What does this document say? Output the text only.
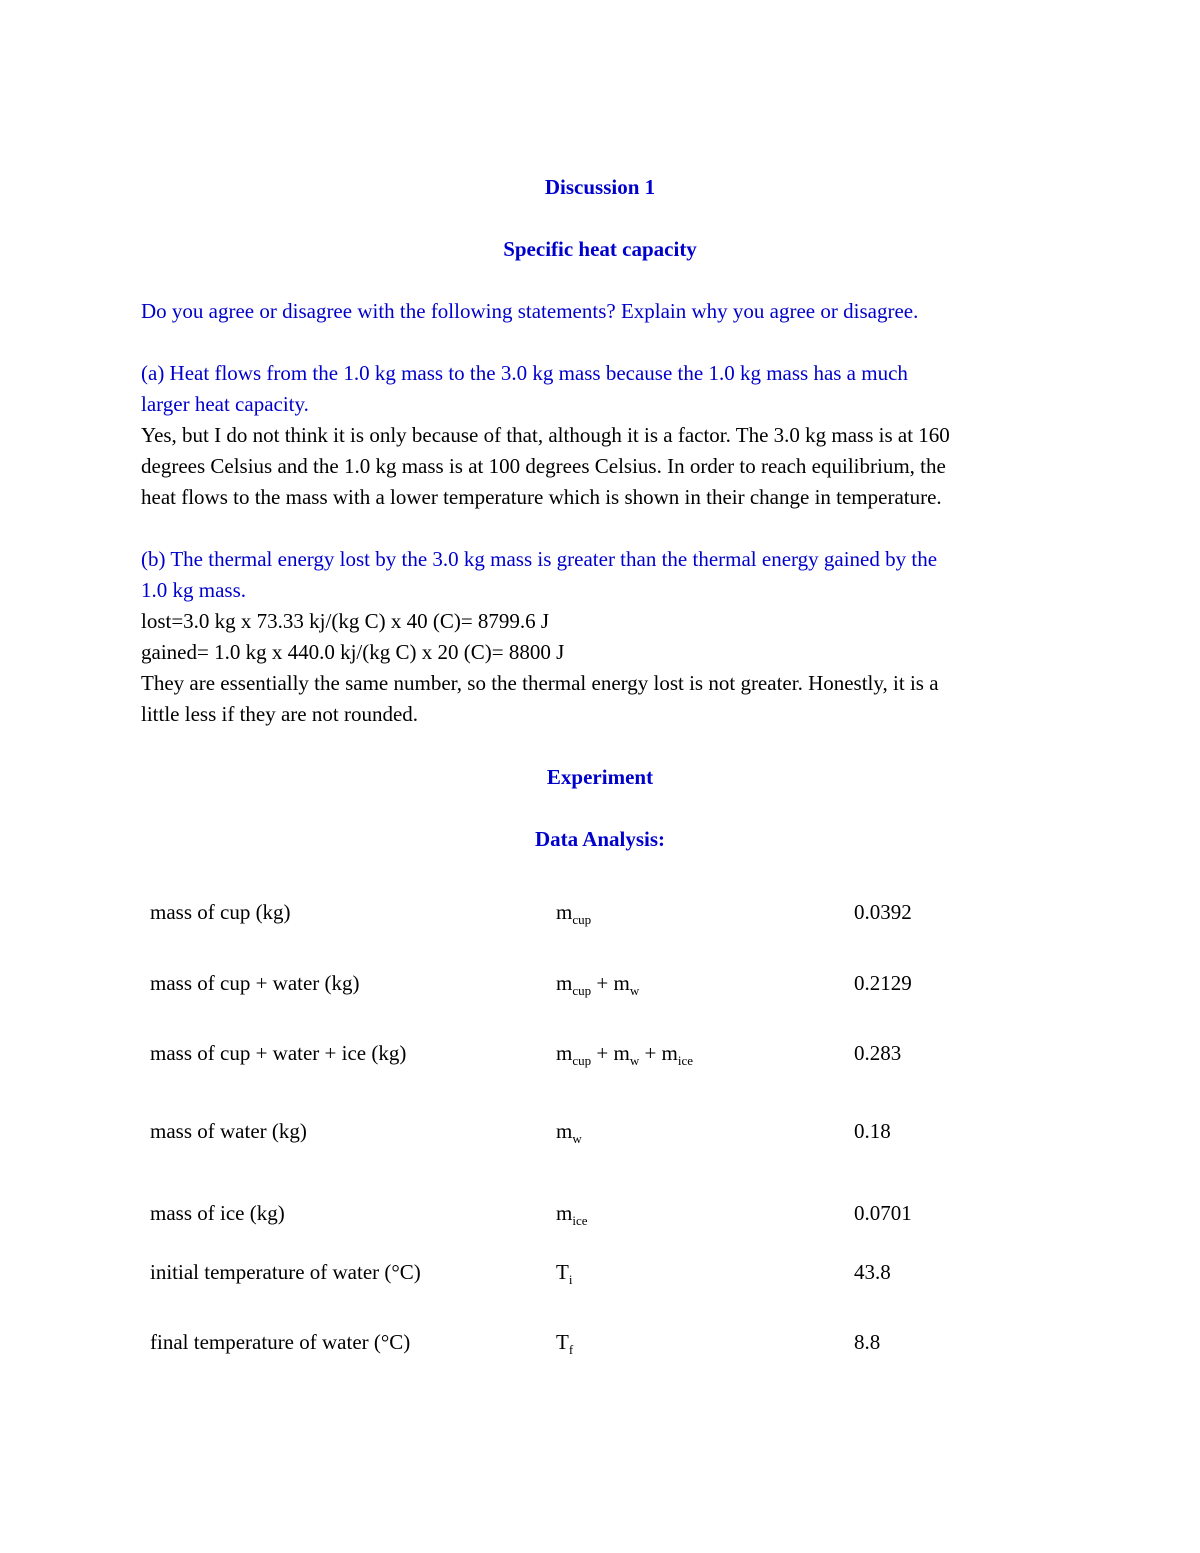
Discussion 1
Specific heat capacity
Do you agree or disagree with the following statements? Explain why you agree or disagree.
(a) Heat flows from the 1.0 kg mass to the 3.0 kg mass because the 1.0 kg mass has a much
larger heat capacity.
Yes, but I do not think it is only because of that, although it is a factor. The 3.0 kg mass is at 160
degrees Celsius and the 1.0 kg mass is at 100 degrees Celsius. In order to reach equilibrium, the
heat flows to the mass with a lower temperature which is shown in their change in temperature.
(b) The thermal energy lost by the 3.0 kg mass is greater than the thermal energy gained by the
1.0 kg mass.
lost=3.0 kg x 73.33 kj/(kg C) x 40 (C)= 8799.6 J
gained= 1.0 kg x 440.0 kj/(kg C) x 20 (C)= 8800 J
They are essentially the same number, so the thermal energy lost is not greater. Honestly, it is a
little less if they are not rounded.
Experiment
Data Analysis:
mass of cup (kg)	$m_{cup}$	0.0392
mass of cup + water (kg)	$m_{cup} + m_w$	0.2129
mass of cup + water + ice (kg)	$m_{cup} + m_w + m_{ice}$	0.283
mass of water (kg)	$m_w$	0.18
mass of ice (kg)	$m_{ice}$	0.0701
initial temperature of water (°C)	$T_i$	43.8
final temperature of water (°C)	$T_f$	8.8
